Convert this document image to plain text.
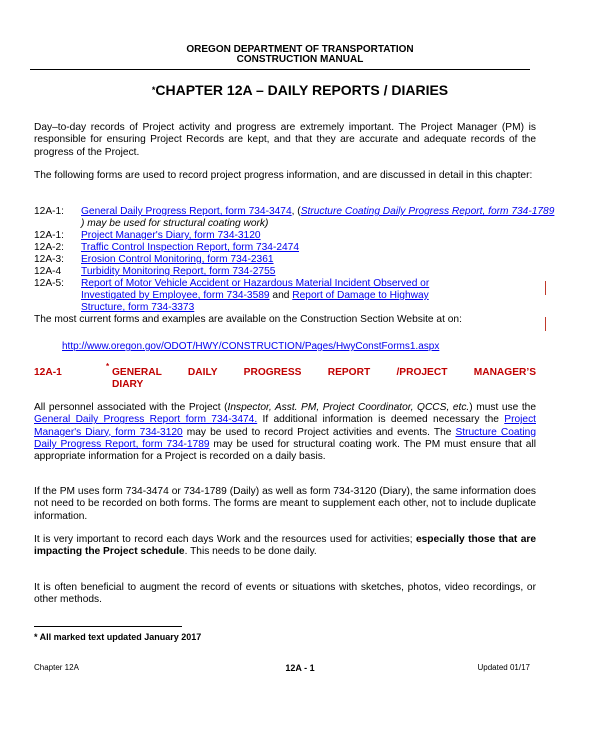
OREGON DEPARTMENT OF TRANSPORTATION
CONSTRUCTION MANUAL
*CHAPTER 12A – DAILY REPORTS / DIARIES
Day–to-day records of Project activity and progress are extremely important. The Project Manager (PM) is responsible for ensuring Project Records are kept, and that they are accurate and adequate records of the progress of the Project.
The following forms are used to record project progress information, and are discussed in detail in this chapter:
12A-1: General Daily Progress Report, form 734-3474, (Structure Coating Daily Progress Report, form 734-1789
) may be used for structural coating work)
12A-1: Project Manager's Diary, form 734-3120
12A-2: Traffic Control Inspection Report, form 734-2474
12A-3: Erosion Control Monitoring, form 734-2361
12A-4 Turbidity Monitoring Report, form 734-2755
12A-5: Report of Motor Vehicle Accident or Hazardous Material Incident Observed or
Investigated by Employee, form 734-3589 and Report of Damage to Highway
Structure, form 734-3373
The most current forms and examples are available on the Construction Section Website at on:
http://www.oregon.gov/ODOT/HWY/CONSTRUCTION/Pages/HwyConstForms1.aspx
12A-1
*
GENERAL DAILY PROGRESS REPORT /PROJECT MANAGER’S
DIARY
All personnel associated with the Project (Inspector, Asst. PM, Project Coordinator, QCCS, etc.) must use the General Daily Progress Report form 734-3474. If additional information is deemed necessary the Project Manager's Diary, form 734-3120 may be used to record Project activities and events. The Structure Coating Daily Progress Report, form 734-1789 may be used for structural coating work. The PM must ensure that all appropriate information for a Project is recorded on a daily basis.
If the PM uses form 734-3474 or 734-1789 (Daily) as well as form 734-3120 (Diary), the same information does not need to be recorded on both forms. The forms are meant to supplement each other, not to include duplicate information.
It is very important to record each days Work and the resources used for activities; especially those that are impacting the Project schedule. This needs to be done daily.
It is often beneficial to augment the record of events or situations with sketches, photos, video recordings, or other methods.
* All marked text updated January 2017
Chapter 12A	12A - 1	Updated 01/17
